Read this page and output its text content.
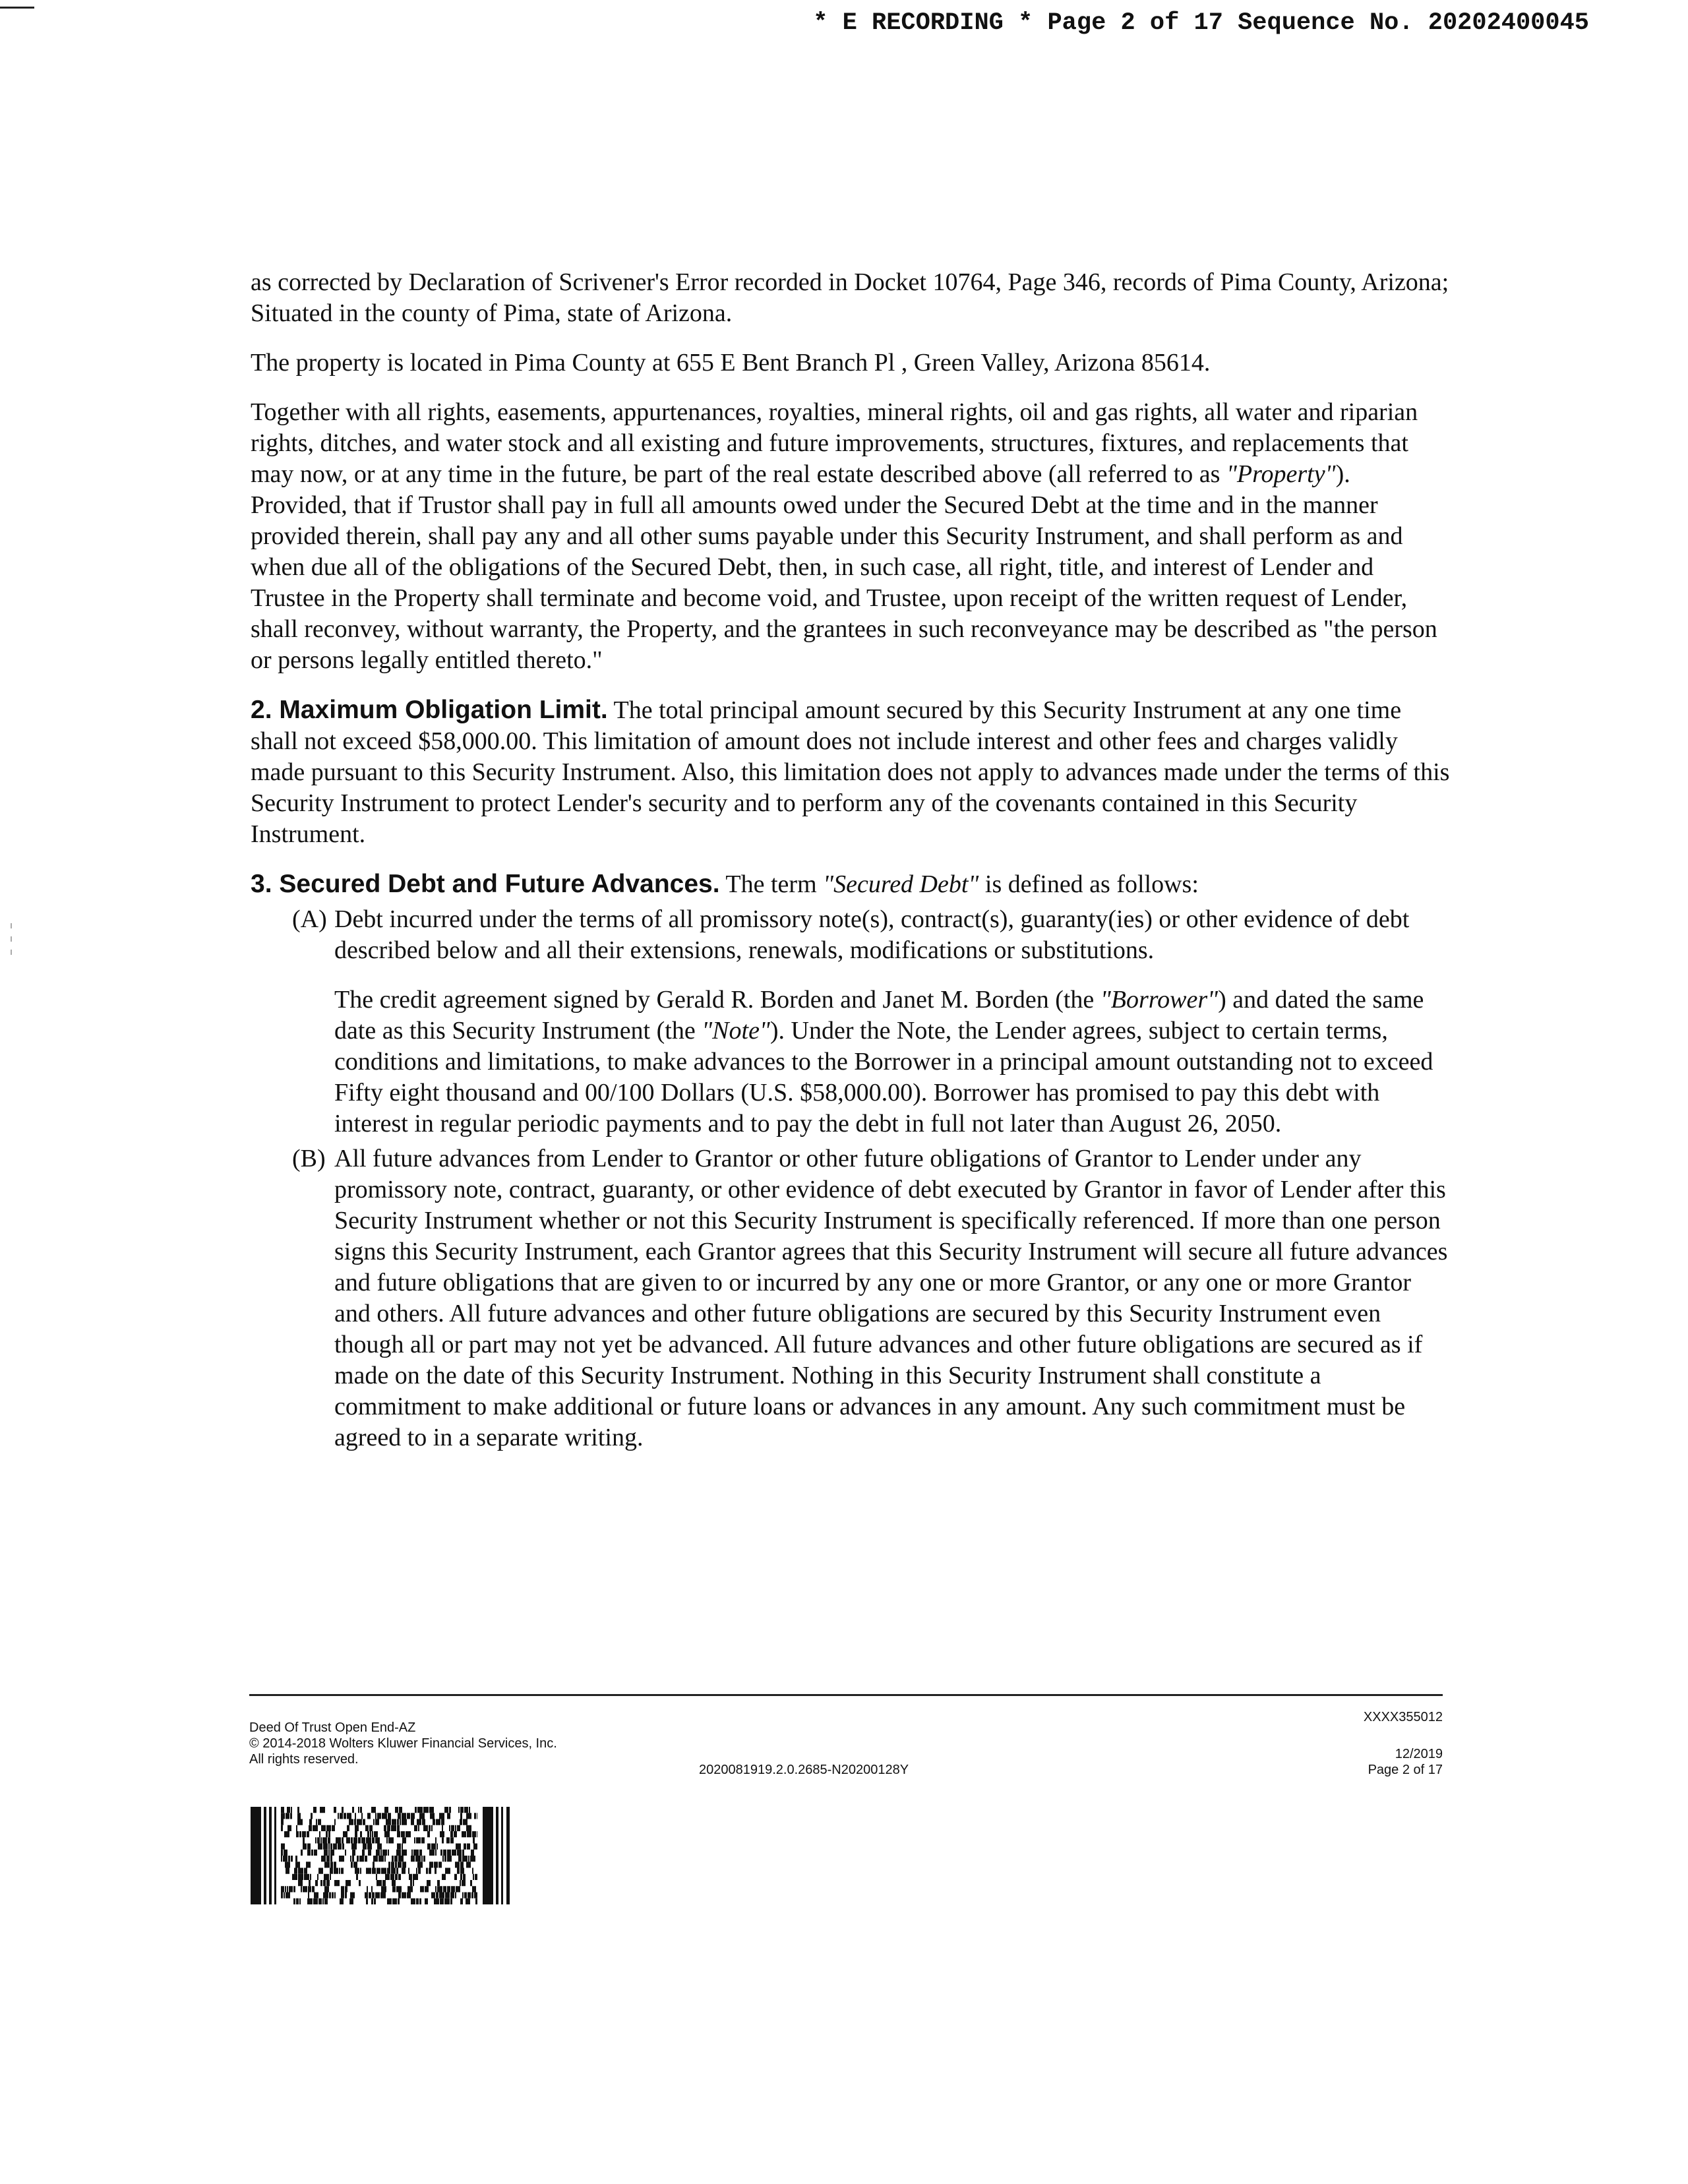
* E RECORDING * Page 2 of 17 Sequence No. 20202400045

as corrected by Declaration of Scrivener's Error recorded in Docket 10764, Page 346, records of Pima County, Arizona; Situated in the county of Pima, state of Arizona.

The property is located in Pima County at 655 E Bent Branch Pl , Green Valley, Arizona 85614.

Together with all rights, easements, appurtenances, royalties, mineral rights, oil and gas rights, all water and riparian rights, ditches, and water stock and all existing and future improvements, structures, fixtures, and replacements that may now, or at any time in the future, be part of the real estate described above (all referred to as "Property"). Provided, that if Trustor shall pay in full all amounts owed under the Secured Debt at the time and in the manner provided therein, shall pay any and all other sums payable under this Security Instrument, and shall perform as and when due all of the obligations of the Secured Debt, then, in such case, all right, title, and interest of Lender and Trustee in the Property shall terminate and become void, and Trustee, upon receipt of the written request of Lender, shall reconvey, without warranty, the Property, and the grantees in such reconveyance may be described as "the person or persons legally entitled thereto."

2. Maximum Obligation Limit. The total principal amount secured by this Security Instrument at any one time shall not exceed $58,000.00. This limitation of amount does not include interest and other fees and charges validly made pursuant to this Security Instrument. Also, this limitation does not apply to advances made under the terms of this Security Instrument to protect Lender's security and to perform any of the covenants contained in this Security Instrument.

3. Secured Debt and Future Advances. The term "Secured Debt" is defined as follows:

(A) Debt incurred under the terms of all promissory note(s), contract(s), guaranty(ies) or other evidence of debt described below and all their extensions, renewals, modifications or substitutions.
The credit agreement signed by Gerald R. Borden and Janet M. Borden (the "Borrower") and dated the same date as this Security Instrument (the "Note"). Under the Note, the Lender agrees, subject to certain terms, conditions and limitations, to make advances to the Borrower in a principal amount outstanding not to exceed Fifty eight thousand and 00/100 Dollars (U.S. $58,000.00). Borrower has promised to pay this debt with interest in regular periodic payments and to pay the debt in full not later than August 26, 2050.
(B) All future advances from Lender to Grantor or other future obligations of Grantor to Lender under any promissory note, contract, guaranty, or other evidence of debt executed by Grantor in favor of Lender after this Security Instrument whether or not this Security Instrument is specifically referenced. If more than one person signs this Security Instrument, each Grantor agrees that this Security Instrument will secure all future advances and future obligations that are given to or incurred by any one or more Grantor, or any one or more Grantor and others. All future advances and other future obligations are secured by this Security Instrument even though all or part may not yet be advanced. All future advances and other future obligations are secured as if made on the date of this Security Instrument. Nothing in this Security Instrument shall constitute a commitment to make additional or future loans or advances in any amount. Any such commitment must be agreed to in a separate writing.
Deed Of Trust Open End-AZ
© 2014-2018 Wolters Kluwer Financial Services, Inc.
All rights reserved.
2020081919.2.0.2685-N20200128Y
XXXX355012
12/2019
Page 2 of 17
